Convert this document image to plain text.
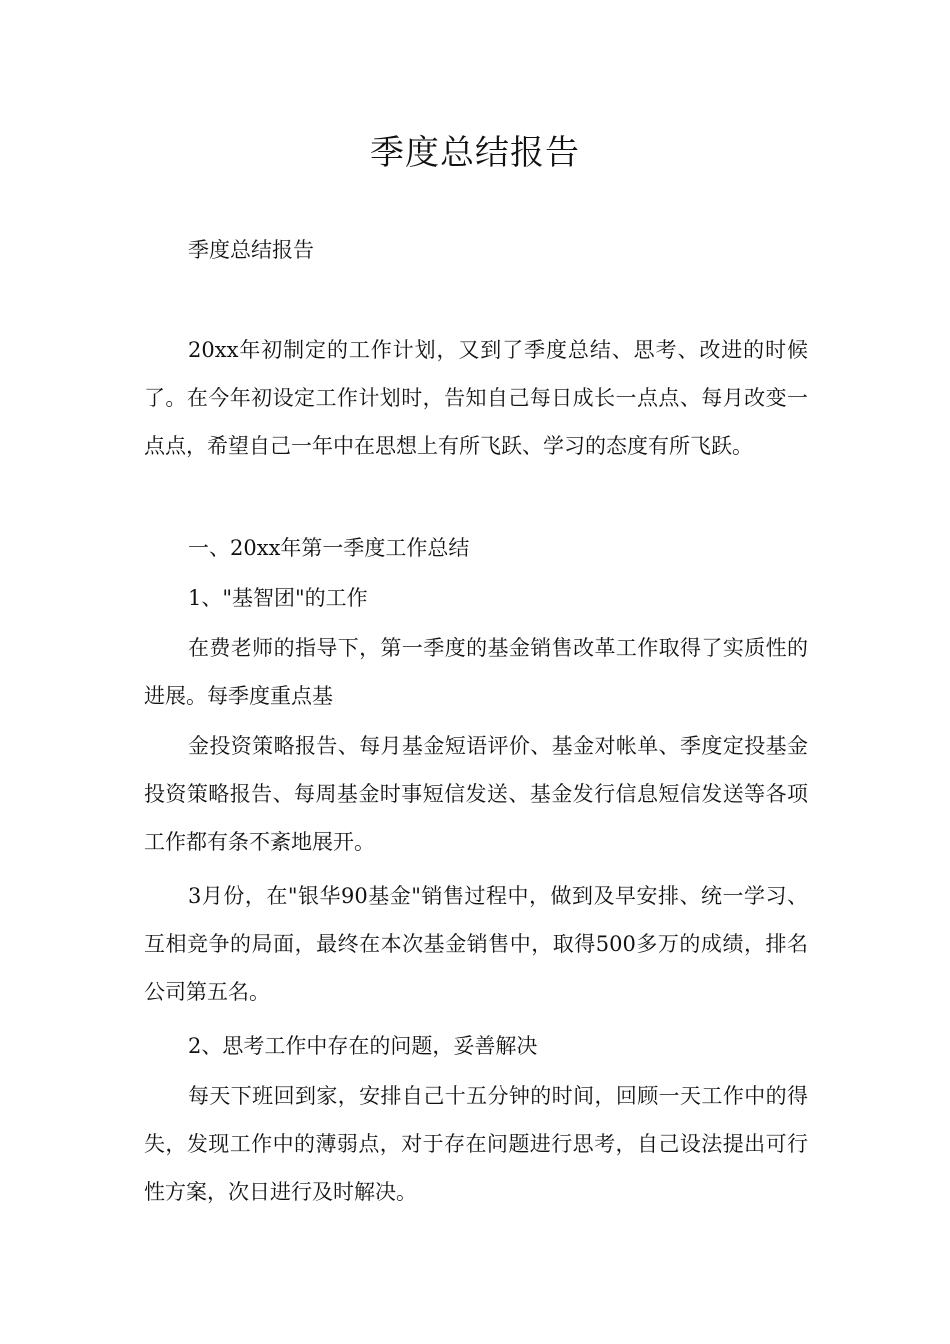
季度总结报告

季度总结报告

20xx年初制定的工作计划，又到了季度总结、思考、改进的时候了。在今年初设定工作计划时，告知自己每日成长一点点、每月改变一点点，希望自己一年中在思想上有所飞跃、学习的态度有所飞跃。

一、20xx年第一季度工作总结

1、"基智团"的工作

在费老师的指导下，第一季度的基金销售改革工作取得了实质性的进展。每季度重点基

金投资策略报告、每月基金短语评价、基金对帐单、季度定投基金投资策略报告、每周基金时事短信发送、基金发行信息短信发送等各项工作都有条不紊地展开。

3月份，在"银华90基金"销售过程中，做到及早安排、统一学习、互相竞争的局面，最终在本次基金销售中，取得500多万的成绩，排名公司第五名。

2、思考工作中存在的问题，妥善解决

每天下班回到家，安排自己十五分钟的时间，回顾一天工作中的得失，发现工作中的薄弱点，对于存在问题进行思考，自己设法提出可行性方案，次日进行及时解决。
